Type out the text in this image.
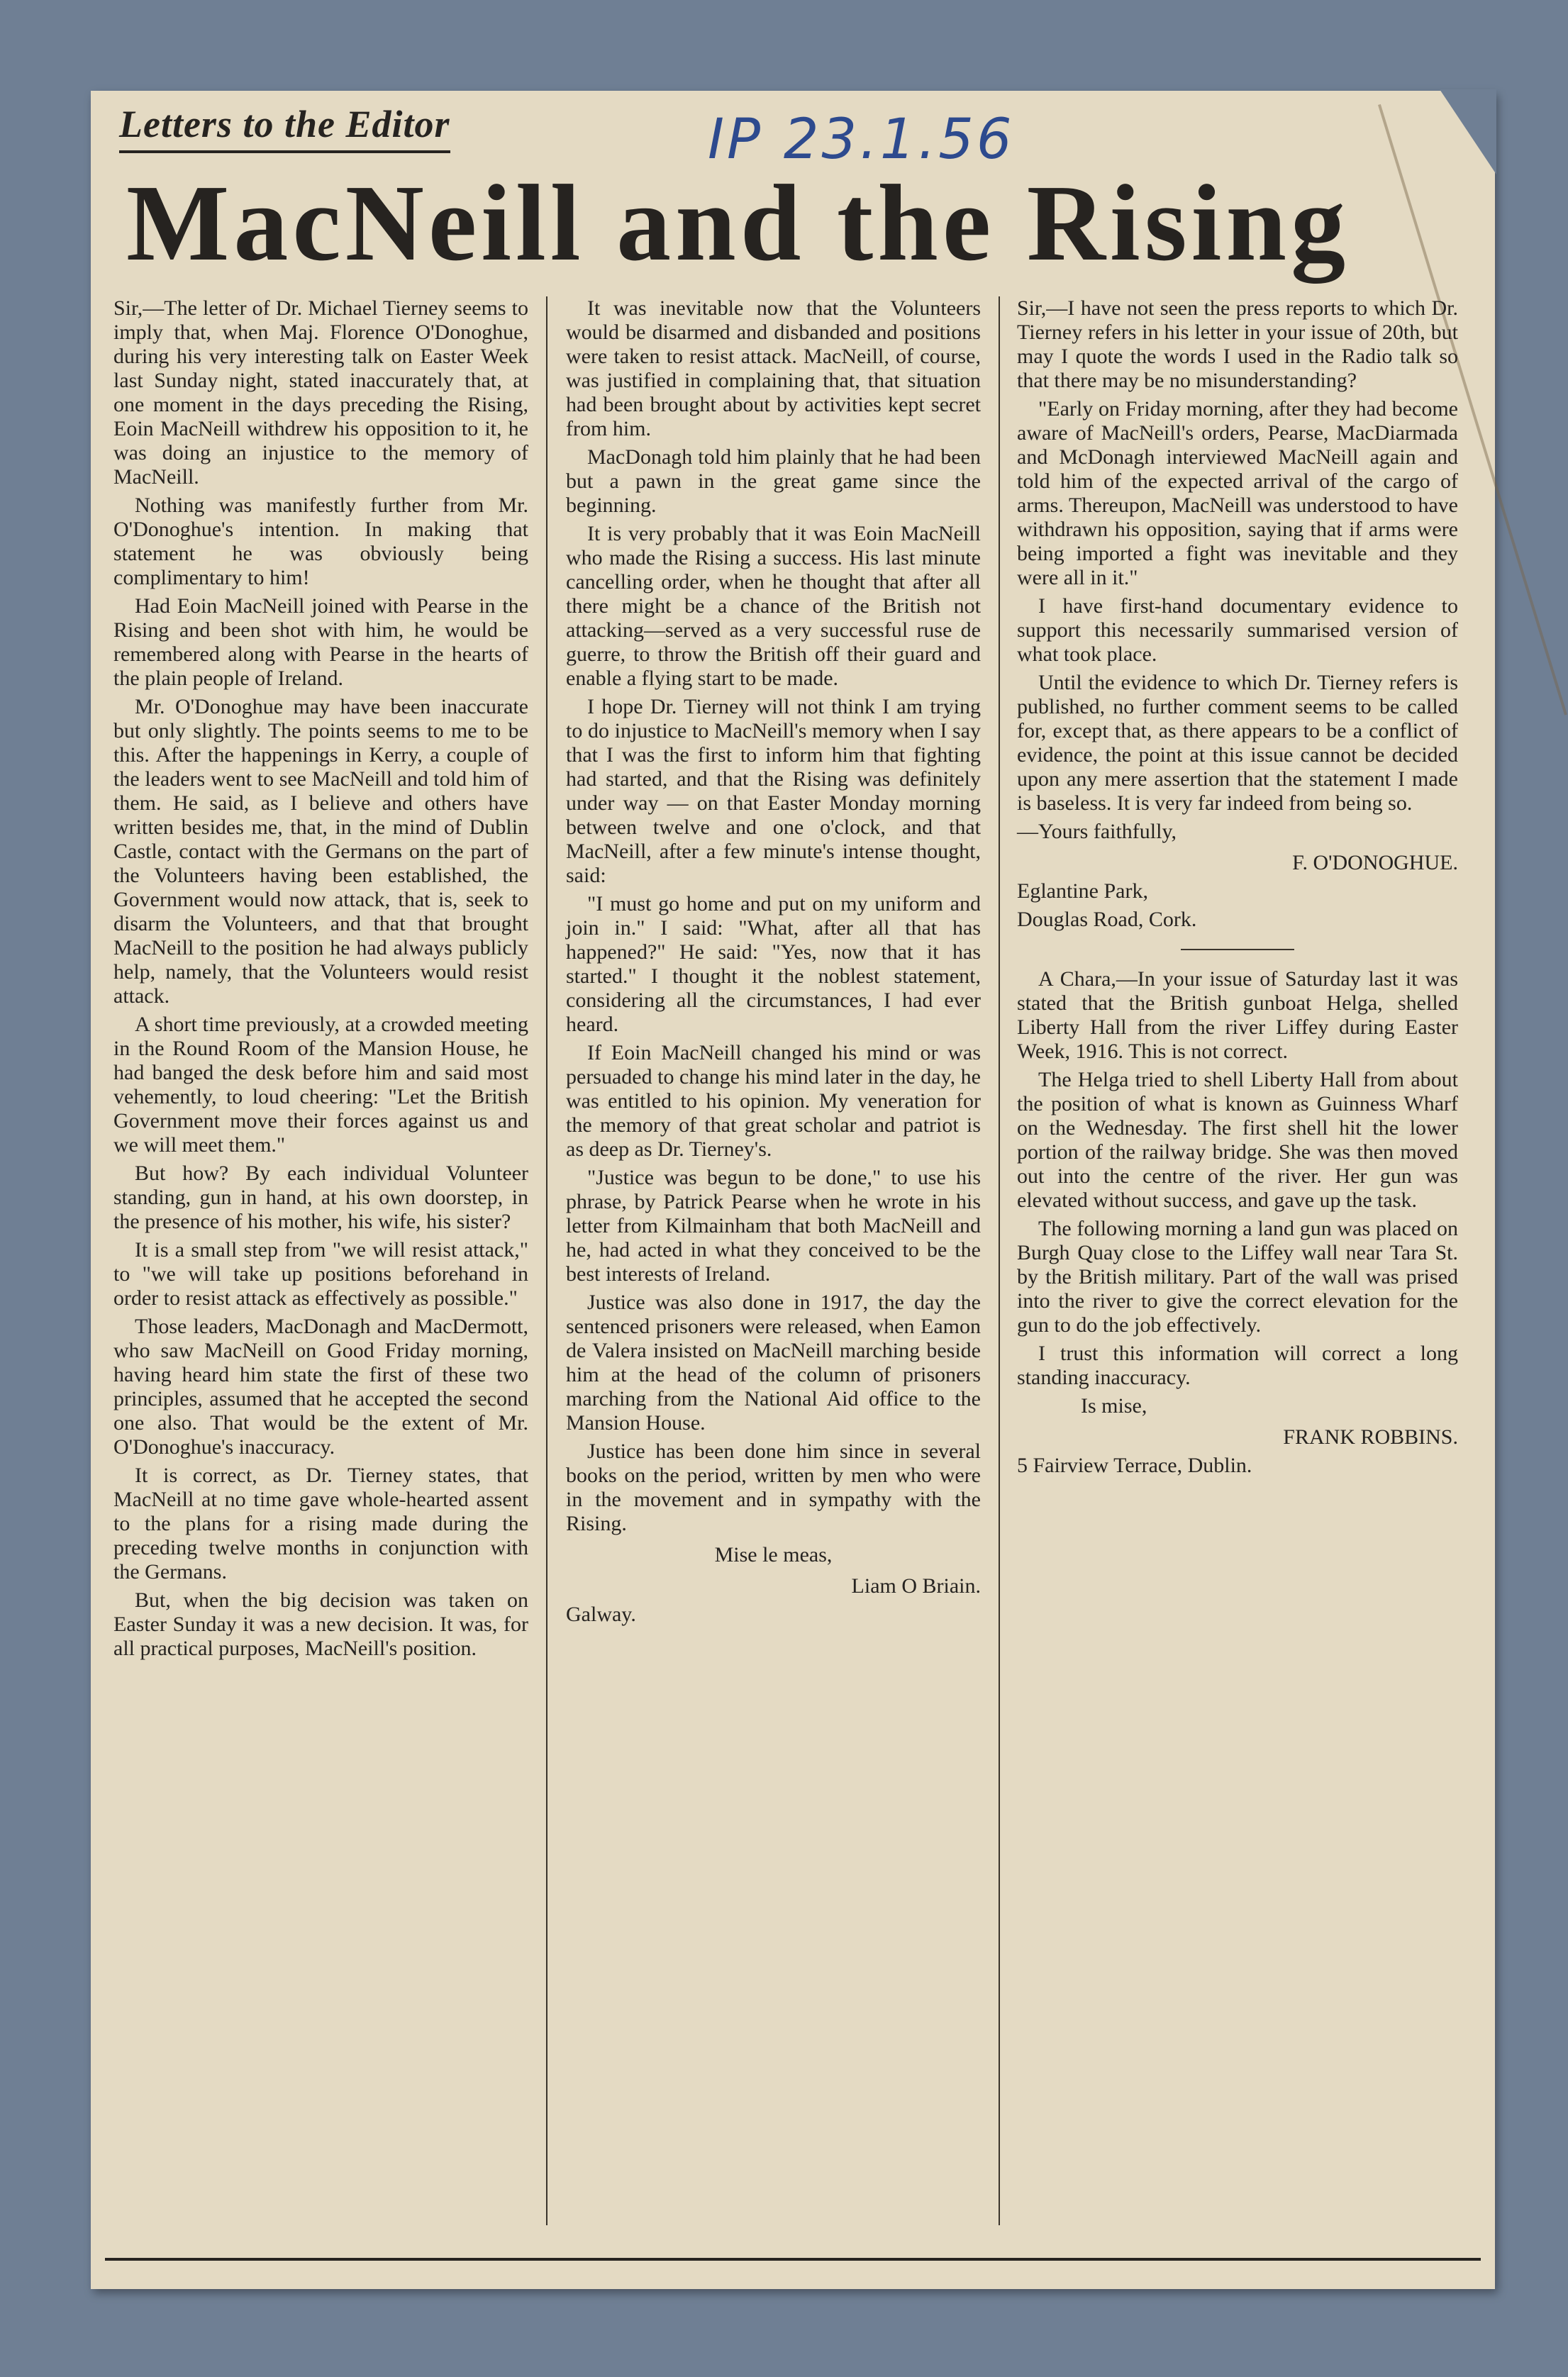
Letters to the Editor	IP 23.1.56
MacNeill and the Rising

Sir,—The letter of Dr. Michael Tierney seems to imply that, when Maj. Florence O'Donoghue, during his very interesting talk on Easter Week last Sunday night, stated inaccurately that, at one moment in the days preceding the Rising, Eoin MacNeill withdrew his opposition to it, he was doing an injustice to the memory of MacNeill.

Nothing was manifestly further from Mr. O'Donoghue's intention. In making that statement he was obviously being complimentary to him!

Had Eoin MacNeill joined with Pearse in the Rising and been shot with him, he would be remembered along with Pearse in the hearts of the plain people of Ireland.

Mr. O'Donoghue may have been inaccurate but only slightly. The points seems to me to be this. After the happenings in Kerry, a couple of the leaders went to see MacNeill and told him of them. He said, as I believe and others have written besides me, that, in the mind of Dublin Castle, contact with the Germans on the part of the Volunteers having been established, the Government would now attack, that is, seek to disarm the Volunteers, and that that brought MacNeill to the position he had always publicly help, namely, that the Volunteers would resist attack.

A short time previously, at a crowded meeting in the Round Room of the Mansion House, he had banged the desk before him and said most vehemently, to loud cheering: "Let the British Government move their forces against us and we will meet them."

But how? By each individual Volunteer standing, gun in hand, at his own doorstep, in the presence of his mother, his wife, his sister?

It is a small step from "we will resist attack," to "we will take up positions beforehand in order to resist attack as effectively as possible."

Those leaders, MacDonagh and MacDermott, who saw MacNeill on Good Friday morning, having heard him state the first of these two principles, assumed that he accepted the second one also. That would be the extent of Mr. O'Donoghue's inaccuracy.

It is correct, as Dr. Tierney states, that MacNeill at no time gave whole-hearted assent to the plans for a rising made during the preceding twelve months in conjunction with the Germans.

But, when the big decision was taken on Easter Sunday it was a new decision. It was, for all practical purposes, MacNeill's position.

It was inevitable now that the Volunteers would be disarmed and disbanded and positions were taken to resist attack. MacNeill, of course, was justified in complaining that, that situation had been brought about by activities kept secret from him.

MacDonagh told him plainly that he had been but a pawn in the great game since the beginning.

It is very probably that it was Eoin MacNeill who made the Rising a success. His last minute cancelling order, when he thought that after all there might be a chance of the British not attacking—served as a very successful ruse de guerre, to throw the British off their guard and enable a flying start to be made.

I hope Dr. Tierney will not think I am trying to do injustice to MacNeill's memory when I say that I was the first to inform him that fighting had started, and that the Rising was definitely under way — on that Easter Monday morning between twelve and one o'clock, and that MacNeill, after a few minute's intense thought, said:

"I must go home and put on my uniform and join in." I said: "What, after all that has happened?" He said: "Yes, now that it has started." I thought it the noblest statement, considering all the circumstances, I had ever heard.

If Eoin MacNeill changed his mind or was persuaded to change his mind later in the day, he was entitled to his opinion. My veneration for the memory of that great scholar and patriot is as deep as Dr. Tierney's.

"Justice was begun to be done," to use his phrase, by Patrick Pearse when he wrote in his letter from Kilmainham that both MacNeill and he, had acted in what they conceived to be the best interests of Ireland.

Justice was also done in 1917, the day the sentenced prisoners were released, when Eamon de Valera insisted on MacNeill marching beside him at the head of the column of prisoners marching from the National Aid office to the Mansion House.

Justice has been done him since in several books on the period, written by men who were in the movement and in sympathy with the Rising.

Mise le meas,

Liam O Briain.

Galway.

Sir,—I have not seen the press reports to which Dr. Tierney refers in his letter in your issue of 20th, but may I quote the words I used in the Radio talk so that there may be no misunderstanding?

"Early on Friday morning, after they had become aware of MacNeill's orders, Pearse, MacDiarmada and McDonagh interviewed MacNeill again and told him of the expected arrival of the cargo of arms. Thereupon, MacNeill was understood to have withdrawn his opposition, saying that if arms were being imported a fight was inevitable and they were all in it."

I have first-hand documentary evidence to support this necessarily summarised version of what took place.

Until the evidence to which Dr. Tierney refers is published, no further comment seems to be called for, except that, as there appears to be a conflict of evidence, the point at this issue cannot be decided upon any mere assertion that the statement I made is baseless. It is very far indeed from being so.

—Yours faithfully,

F. O'DONOGHUE.

Eglantine Park,

Douglas Road, Cork.

A Chara,—In your issue of Saturday last it was stated that the British gunboat Helga, shelled Liberty Hall from the river Liffey during Easter Week, 1916. This is not correct.

The Helga tried to shell Liberty Hall from about the position of what is known as Guinness Wharf on the Wednesday. The first shell hit the lower portion of the railway bridge. She was then moved out into the centre of the river. Her gun was elevated without success, and gave up the task.

The following morning a land gun was placed on Burgh Quay close to the Liffey wall near Tara St. by the British military. Part of the wall was prised into the river to give the correct elevation for the gun to do the job effectively.

I trust this information will correct a long standing inaccuracy.

Is mise,

FRANK ROBBINS.

5 Fairview Terrace, Dublin.
